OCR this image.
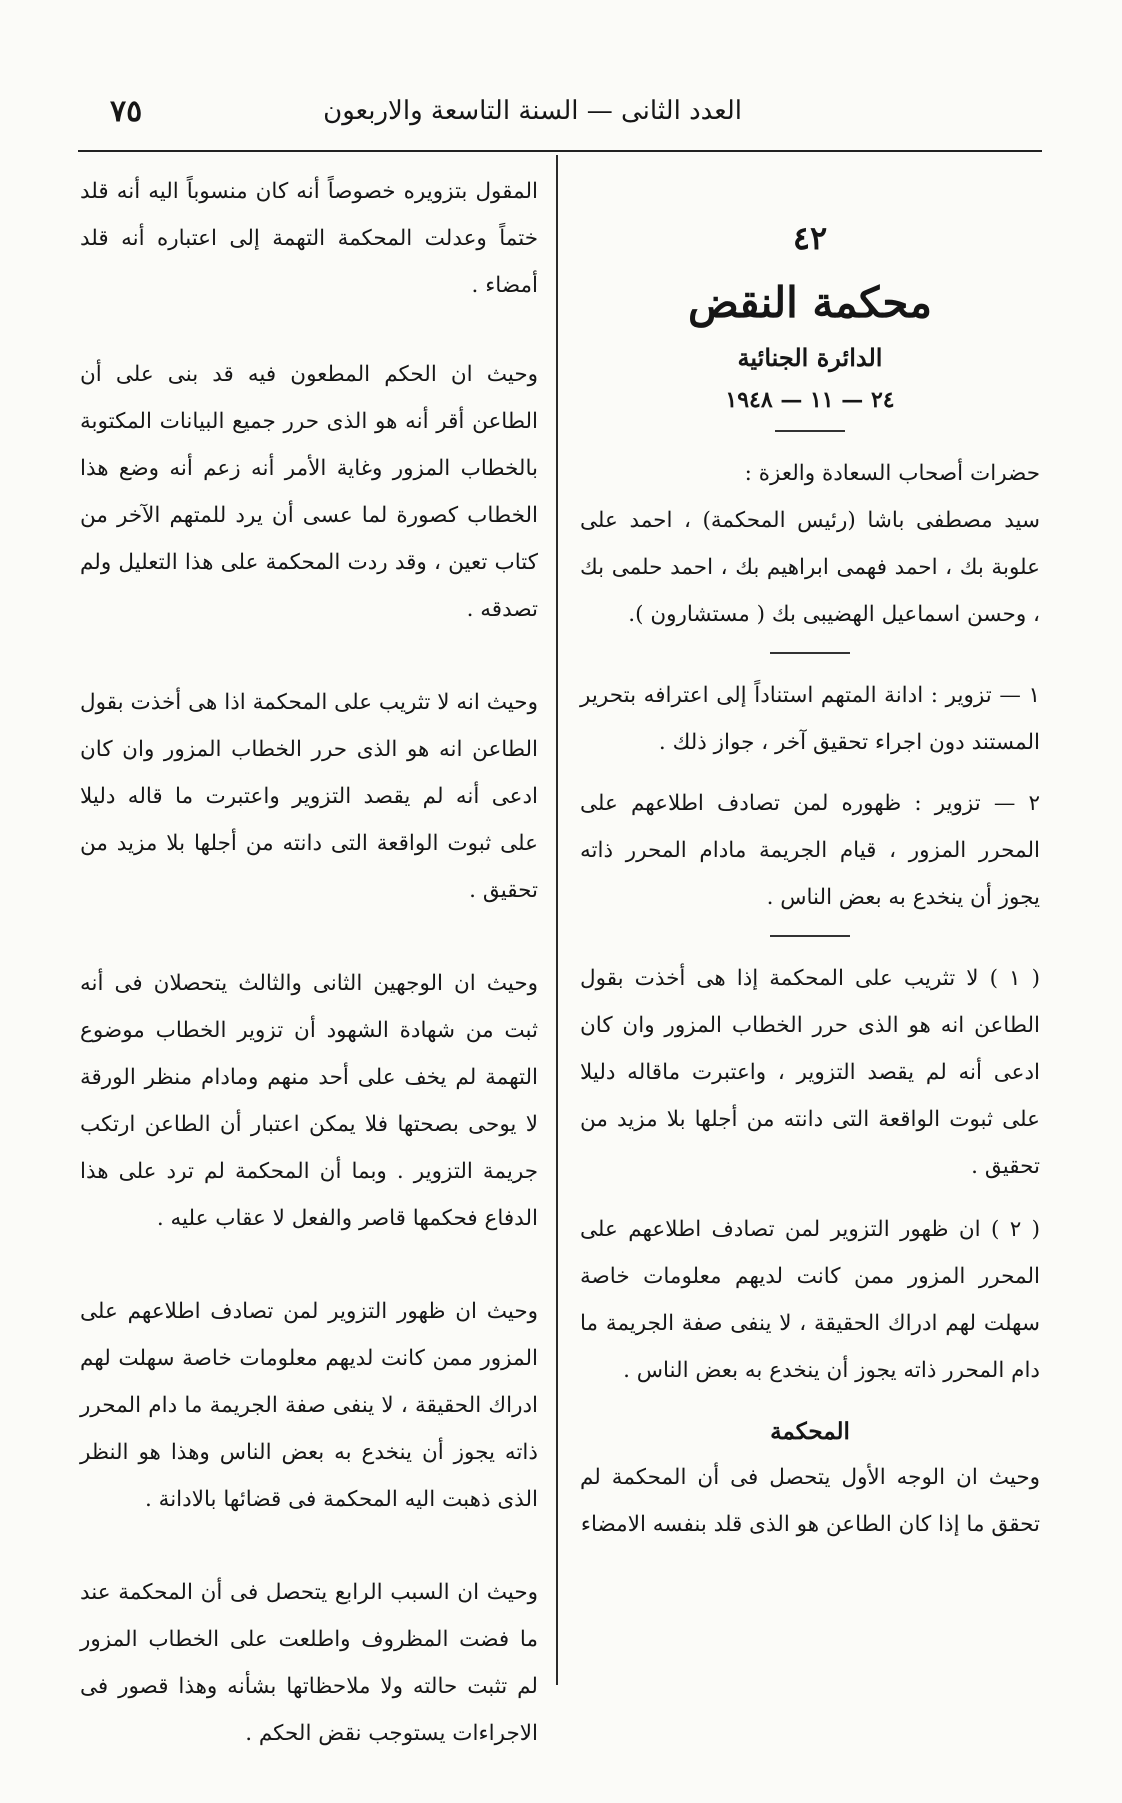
العدد الثانى — السنة التاسعة والاربعون
٧٥
٤٢
محكمة النقض
الدائرة الجنائية
٢٤ — ١١ — ١٩٤٨

حضرات أصحاب السعادة والعزة :

سيد مصطفى باشا (رئيس المحكمة) ، احمد على علوبة بك ، احمد فهمى ابراهيم بك ، احمد حلمى بك ، وحسن اسماعيل الهضيبى بك ( مستشارون ).

١ — تزوير : ادانة المتهم استناداً إلى اعترافه بتحرير المستند دون اجراء تحقيق آخر ، جواز ذلك .

٢ — تزوير : ظهوره لمن تصادف اطلاعهم على المحرر المزور ، قيام الجريمة مادام المحرر ذاته يجوز أن ينخدع به بعض الناس .

( ١ ) لا تثريب على المحكمة إذا هى أخذت بقول الطاعن انه هو الذى حرر الخطاب المزور وان كان ادعى أنه لم يقصد التزوير ، واعتبرت ماقاله دليلا على ثبوت الواقعة التى دانته من أجلها بلا مزيد من تحقيق .

( ٢ ) ان ظهور التزوير لمن تصادف اطلاعهم على المحرر المزور ممن كانت لديهم معلومات خاصة سهلت لهم ادراك الحقيقة ، لا ينفى صفة الجريمة ما دام المحرر ذاته يجوز أن ينخدع به بعض الناس .

المحكمة

وحيث ان الوجه الأول يتحصل فى أن المحكمة لم تحقق ما إذا كان الطاعن هو الذى قلد بنفسه الامضاء

المقول بتزويره خصوصاً أنه كان منسوباً اليه أنه قلد ختماً وعدلت المحكمة التهمة إلى اعتباره أنه قلد أمضاء .

وحيث ان الحكم المطعون فيه قد بنى على أن الطاعن أقر أنه هو الذى حرر جميع البيانات المكتوبة بالخطاب المزور وغاية الأمر أنه زعم أنه وضع هذا الخطاب كصورة لما عسى أن يرد للمتهم الآخر من كتاب تعين ، وقد ردت المحكمة على هذا التعليل ولم تصدقه .

وحيث انه لا تثريب على المحكمة اذا هى أخذت بقول الطاعن انه هو الذى حرر الخطاب المزور وان كان ادعى أنه لم يقصد التزوير واعتبرت ما قاله دليلا على ثبوت الواقعة التى دانته من أجلها بلا مزيد من تحقيق .

وحيث ان الوجهين الثانى والثالث يتحصلان فى أنه ثبت من شهادة الشهود أن تزوير الخطاب موضوع التهمة لم يخف على أحد منهم ومادام منظر الورقة لا يوحى بصحتها فلا يمكن اعتبار أن الطاعن ارتكب جريمة التزوير . وبما أن المحكمة لم ترد على هذا الدفاع فحكمها قاصر والفعل لا عقاب عليه .

وحيث ان ظهور التزوير لمن تصادف اطلاعهم على المزور ممن كانت لديهم معلومات خاصة سهلت لهم ادراك الحقيقة ، لا ينفى صفة الجريمة ما دام المحرر ذاته يجوز أن ينخدع به بعض الناس وهذا هو النظر الذى ذهبت اليه المحكمة فى قضائها بالادانة .

وحيث ان السبب الرابع يتحصل فى أن المحكمة عند ما فضت المظروف واطلعت على الخطاب المزور لم تثبت حالته ولا ملاحظاتها بشأنه وهذا قصور فى الاجراءات يستوجب نقض الحكم .
